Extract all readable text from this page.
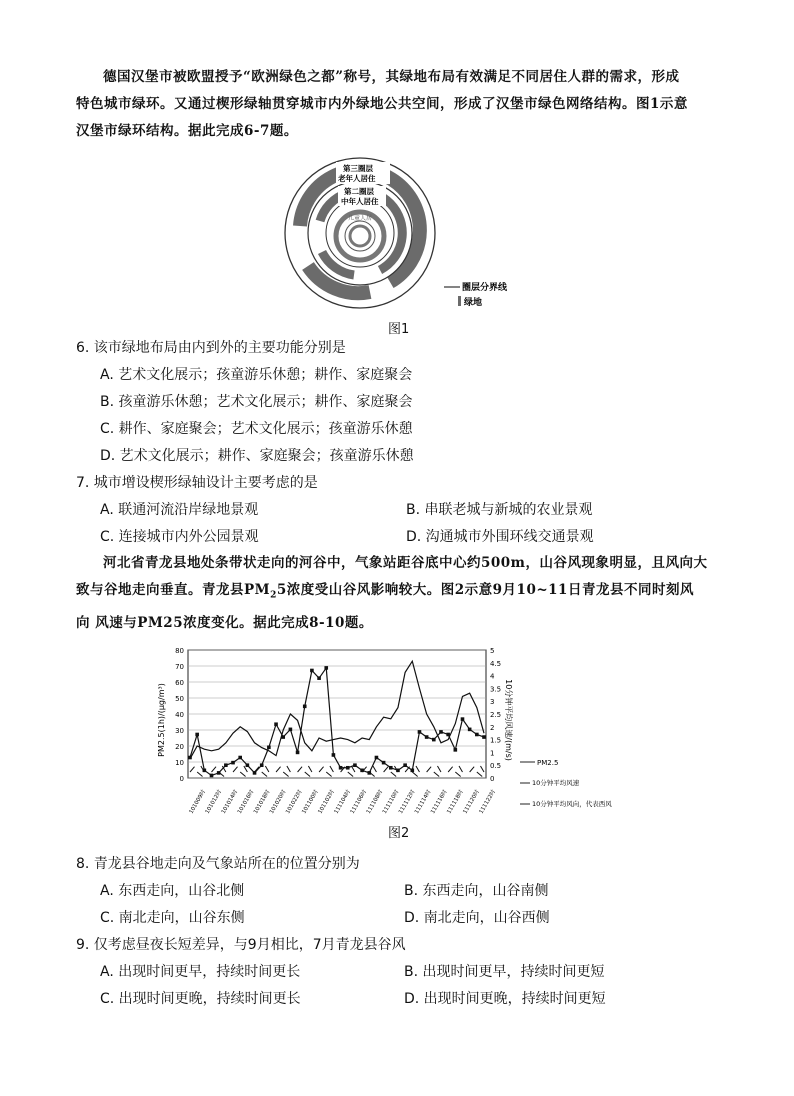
德国汉堡市被欧盟授予“欧洲绿色之都”称号，其绿地布局有效满足不同居住人群的需求，形成
特色城市绿环。又通过楔形绿轴贯穿城市内外绿地公共空间，形成了汉堡市绿色网络结构。图1示意
汉堡市绿环结构。据此完成6-7题。
第三圈层
老年人居住
第二圈层
中年人居住
儿童人居
圈层分界线
绿地
图1
6. 该市绿地布局由内到外的主要功能分别是
A. 艺术文化展示；孩童游乐休憩；耕作、家庭聚会
B. 孩童游乐休憩；艺术文化展示；耕作、家庭聚会
C. 耕作、家庭聚会；艺术文化展示；孩童游乐休憩
D. 艺术文化展示；耕作、家庭聚会；孩童游乐休憩
7. 城市增设楔形绿轴设计主要考虑的是
A. 联通河流沿岸绿地景观	B. 串联老城与新城的农业景观
C. 连接城市内外公园景观	D. 沟通城市外围环线交通景观
河北省青龙县地处条带状走向的河谷中，气象站距谷底中心约500m，山谷风现象明显，且风向大
致与谷地走向垂直。青龙县$PM_25$浓度受山谷风影响较大。图2示意9月10~11日青龙县不同时刻风
向 风速与PM25浓度变化。据此完成8-10题。
PM2.5(1h)/(μg/m³)	10分钟平均风速/(m/s)
80
70
60
50
40
30
20
10
0
5
4.5
4
3.5
3
2.5
2
1.5
1
0.5
0
101009时
101012时
101014时
101016时
101018时
101020时
101022时
101100时
101102时
111104时
111106时
111108时
111110时
111112时
111114时
111116时
111118时
111120时
111122时
PM2.5
10分钟平均风速
10分钟平均风向，代表西风
图2
8. 青龙县谷地走向及气象站所在的位置分别为
A. 东西走向，山谷北侧	B. 东西走向，山谷南侧
C. 南北走向，山谷东侧	D. 南北走向，山谷西侧
9. 仅考虑昼夜长短差异，与9月相比，7月青龙县谷风
A. 出现时间更早，持续时间更长	B. 出现时间更早，持续时间更短
C. 出现时间更晚，持续时间更长	D. 出现时间更晚，持续时间更短
